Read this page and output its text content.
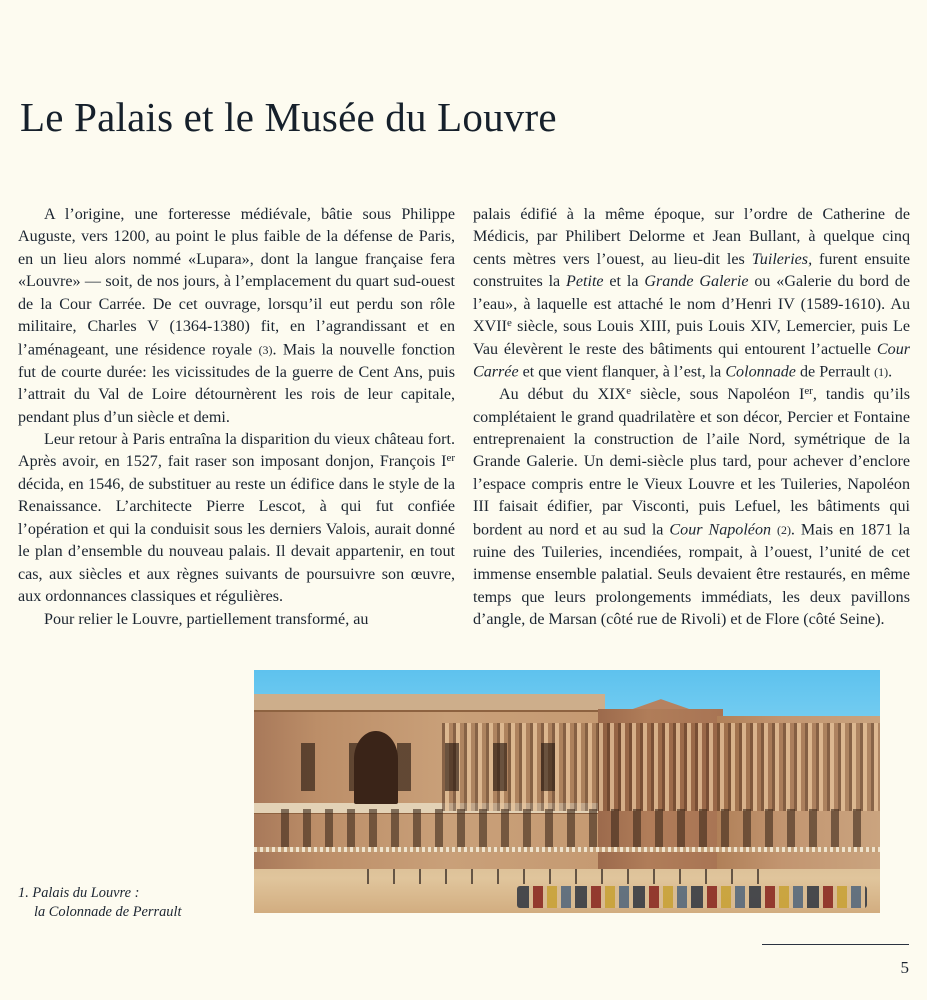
Le Palais et le Musée du Louvre

A l’origine, une forteresse médiévale, bâtie sous Philippe Auguste, vers 1200, au point le plus faible de la défense de Paris, en un lieu alors nommé «Lupara», dont la langue française fera «Louvre» — soit, de nos jours, à l’emplacement du quart sud-ouest de la Cour Carrée. De cet ouvrage, lorsqu’il eut perdu son rôle militaire, Charles V (1364-1380) fit, en l’agrandissant et en l’aménageant, une résidence royale (3). Mais la nouvelle fonction fut de courte durée: les vicissitudes de la guerre de Cent Ans, puis l’attrait du Val de Loire détournèrent les rois de leur capitale, pendant plus d’un siècle et demi.

Leur retour à Paris entraîna la disparition du vieux château fort. Après avoir, en 1527, fait raser son imposant donjon, François Ier décida, en 1546, de substituer au reste un édifice dans le style de la Renaissance. L’architecte Pierre Lescot, à qui fut confiée l’opération et qui la conduisit sous les derniers Valois, aurait donné le plan d’ensemble du nouveau palais. Il devait appartenir, en tout cas, aux siècles et aux règnes suivants de poursuivre son œuvre, aux ordonnances classiques et régulières.

Pour relier le Louvre, partiellement transformé, au

palais édifié à la même époque, sur l’ordre de Catherine de Médicis, par Philibert Delorme et Jean Bullant, à quelque cinq cents mètres vers l’ouest, au lieu-dit les Tuileries, furent ensuite construites la Petite et la Grande Galerie ou «Galerie du bord de l’eau», à laquelle est attaché le nom d’Henri IV (1589-1610). Au XVIIe siècle, sous Louis XIII, puis Louis XIV, Lemercier, puis Le Vau élevèrent le reste des bâtiments qui entourent l’actuelle Cour Carrée et que vient flanquer, à l’est, la Colonnade de Perrault (1).

Au début du XIXe siècle, sous Napoléon Ier, tandis qu’ils complétaient le grand quadrilatère et son décor, Percier et Fontaine entreprenaient la construction de l’aile Nord, symétrique de la Grande Galerie. Un demi-siècle plus tard, pour achever d’enclore l’espace compris entre le Vieux Louvre et les Tuileries, Napoléon III faisait édifier, par Visconti, puis Lefuel, les bâtiments qui bordent au nord et au sud la Cour Napoléon (2). Mais en 1871 la ruine des Tuileries, incendiées, rompait, à l’ouest, l’unité de cet immense ensemble palatial. Seuls devaient être restaurés, en même temps que leurs prolongements immédiats, les deux pavillons d’angle, de Marsan (côté rue de Rivoli) et de Flore (côté Seine).

1. Palais du Louvre :
la Colonnade de Perrault
5
